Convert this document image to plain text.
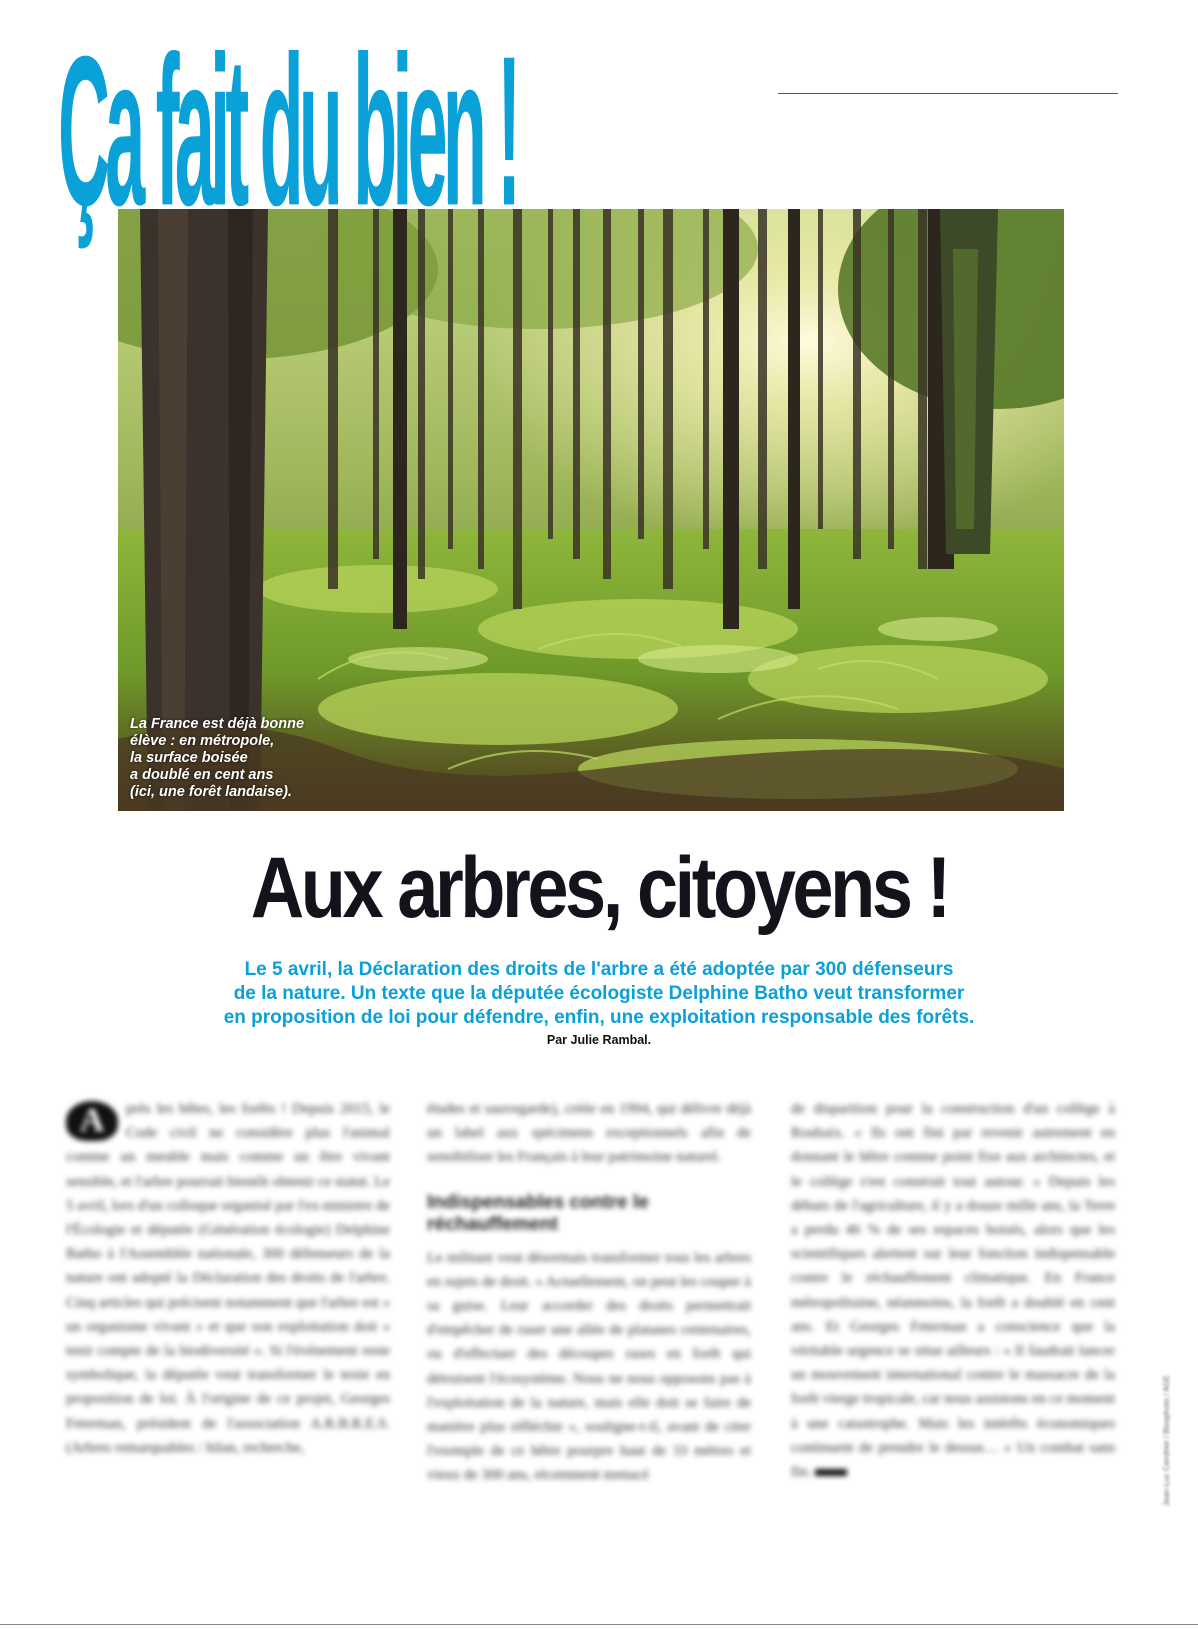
Ça fait du bien !
La France est déjà bonne
élève : en métropole,
la surface boisée
a doublé en cent ans
(ici, une forêt landaise).
Aux arbres, citoyens !
Le 5 avril, la Déclaration des droits de l'arbre a été adoptée par 300 défenseurs
de la nature. Un texte que la députée écologiste Delphine Batho veut transformer
en proposition de loi pour défendre, enfin, une exploitation responsable des forêts.
Par Julie Rambal.
A	près les bêtes, les forêts ! Depuis 2015, le Code civil ne considère plus l'animal comme un meuble mais comme un être vivant sensible, et l'arbre pourrait bientôt obtenir ce statut. Le 5 avril, lors d'un colloque organisé par l'ex-ministre de l'Écologie et députée (Génération écologie) Delphine Batho à l'Assemblée nationale, 300 défenseurs de la nature ont adopté la Déclaration des droits de l'arbre. Cinq articles qui précisent notamment que l'arbre est « un organisme vivant » et que son exploitation doit « tenir compte de la biodiversité ». Si l'événement reste symbolique, la députée veut transformer le texte en proposition de loi. À l'origine de ce projet, Georges Feterman, président de l'association A.R.B.R.E.S. (Arbres remarquables : bilan, recherche,
études et sauvegarde), créée en 1994, qui délivre déjà un label aux spécimens exceptionnels afin de sensibiliser les Français à leur patrimoine naturel.
Indispensables contre le réchauffement
Le militant veut désormais transformer tous les arbres en sujets de droit. « Actuellement, on peut les couper à sa guise. Leur accorder des droits permettrait d'empêcher de raser une allée de platanes centenaires, ou d'effectuer des découpes rases en forêt qui détruisent l'écosystème. Nous ne nous opposons pas à l'exploitation de la nature, mais elle doit se faire de manière plus réfléchie », souligne-t-il, avant de citer l'exemple de ce hêtre pourpre haut de 33 mètres et vieux de 300 ans, récemment menacé
de disparition pour la construction d'un collège à Roubaix. « Ils ont fini par revenir autrement en donnant le hêtre comme point fixe aux architectes, et le collège s'est construit tout autour. » Depuis les débuts de l'agriculture, il y a douze mille ans, la Terre a perdu 46 % de ses espaces boisés, alors que les scientifiques alertent sur leur fonction indispensable contre le réchauffement climatique. En France métropolitaine, néanmoins, la forêt a doublé en cent ans. Et Georges Feterman a conscience que la véritable urgence se situe ailleurs : « Il faudrait lancer un mouvement international contre le massacre de la forêt vierge tropicale, car nous assistons en ce moment à une catastrophe. Mais les intérêts économiques continuent de prendre le dessus… » Un combat sans fin.	Jean-Luc Cendrier / Biosphoto / AGE
